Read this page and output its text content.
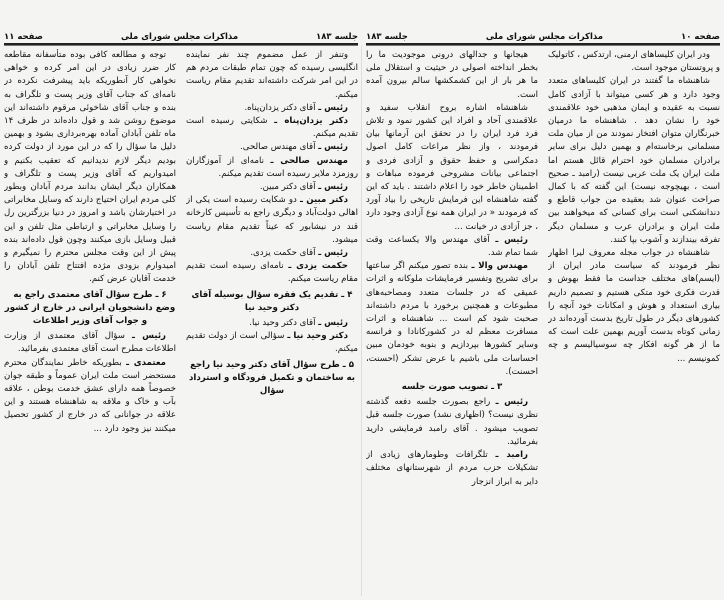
صفحه ۱۱	مذاکرات مجلس شورای ملی	جلسه ۱۸۳

وتنفر از عمل مضموم چند نفر نماینده انگلیسی رسیده که چون تمام طبقات مردم هم در این امر شرکت داشته‌اند تقدیم مقام ریاست میکنم.

رئیس ـ آقای دکتر یزدان‌پناه.

دکتر یزدان‌پناه ـ شکایتی رسیده است تقدیم میکنم.

رئیس ـ آقای مهندس صالحی.

مهندس صالحی ـ نامه‌ای از آموزگاران روزمزد ملایر رسیده است تقدیم میکنم.

رئیس ـ آقای دکتر مبین.

دکتر مبین ـ دو شکایت رسیده است یکی از اهالی دولت‌آباد و دیگری راجع به تأسیس کارخانه قند در نیشابور که عیناً تقدیم مقام ریاست میشود.

رئیس ـ آقای حکمت یزدی.

حکمت یزدی ـ نامه‌ای رسیده است تقدیم مقام ریاست میکنم.

۴ ـ تقدیم یک فقره سؤال بوسیله آقای دکتر وحید نیا

رئیس ـ آقای دکتر وحید نیا.

دکتر وحید نیا ـ سؤالی است از دولت تقدیم میکنم.

۵ ـ طرح سؤال آقای دکتر وحید نیا راجع به ساختمان و تکمیل فرودگاه و استرداد سؤال

توجه و مطالعه کافی بوده متأسفانه مقاطعه کار ضرر زیادی در این امر کرده و خواهی نخواهی کار آنطوریکه باید پیشرفت نکرده در نامه‌ای که جناب آقای وزیر پست و تلگراف به بنده و جناب آقای شاخوئی مرقوم داشته‌اند این موضوع روشن شد و قول داده‌اند در ظرف ۱۴ ماه تلفن آبادان آماده بهره‌برداری بشود و بهمین دلیل ما سؤال را که در این مورد از دولت کرده بودیم دیگر لازم ندیدانیم که تعقیب بکنیم و امیدواریم که آقای وزیر پست و تلگراف و همکاران دیگر ایشان بدانند مردم آبادان وبطور کلی مردم ایران احتیاج دارند که وسایل مخابراتی در اختیارشان باشد و امروز در دنیا بزرگترین رل را وسایل مخابراتی و ارتباطی مثل تلفن و این قبیل وسایل بازی میکنند وچون قول داده‌اند بنده پیش از این وقت مجلس محترم را نمیگیرم و امیدوارم بزودی مژده افتتاح تلفن آبادان را خدمت آقایان عرض کنم.

۶ ـ طرح سؤال آقای معتمدی راجع به وضع دانشجویان ایرانی در خارج از کشور و جواب آقای وزیر اطلاعات

رئیس ـ سؤال آقای معتمدی از وزارت اطلاعات مطرح است آقای معتمدی بفرمائید.

معتمدی ـ بطوریکه خاطر نمایندگان محترم مستحضر است ملت ایران عموماً و طبقه جوان خصوصاً همه دارای عشق خدمت بوطن ، علاقه بآب و خاک و ملاقه به شاهنشاه هستند و این علاقه در جوانانی که در خارج از کشور تحصیل میکنند نیز وجود دارد ...

جلسه ۱۸۳	مذاکرات مجلس شورای ملی	صفحه ۱۰

ودر ایران کلیساهای ارمنی، ارتدکس ، کاتولیک و پروتستان موجود است.

شاهنشاه ما گفتند در ایران کلیساهای متعدد وجود دارد و هر کسی میتواند با آزادی کامل نسبت به عقیده و ایمان مذهبی خود علاقمندی خود را نشان دهد . شاهنشاه ما درمیان خبرنگاران متوان افتخار نمودند من از میان ملت مسلمانی برخاسته‌ام و بهمین دلیل برای سایر برادران مسلمان خود احترام قائل هستم اما ملت ایران یک ملت عربی نیست (رامبد ـ صحیح است ، بهیچوجه نیست) این گفته که با کمال صراحت عنوان شد بعقیده من جواب قاطع و دندانشکنی است برای کسانی که میخواهند بین ملت ایران و برادران عرب و مسلمان دیگر تفرقه بیندازند و آشوب بپا کنند.

شاهنشاه در جواب مجله معروف لیرا اظهار نظر فرمودند که سیاست مادر ایران از (ایسم)های مختلف جداست ما فقط بهوش و قدرت فکری خود متکی هستیم و تصمیم داریم بیاری استعداد و هوش و امکانات خود آنچه را کشورهای دیگر در طول تاریخ بدست آورده‌اند در زمانی کوتاه بدست آوریم بهمین علت است که ما از هر گونه افکار چه سوسیالیسم و چه کمونیسم ...

هیجانها و جدالهای درونی موجودیت ما را بخطر انداخته اصولی در حیثیت و استقلال ملی ما هر بار از این کشمکشها سالم بیرون آمده است.

شاهنشاه اشاره بروح انقلاب سفید و علاقمندی آحاد و افراد این کشور نمود و تلاش فرد فرد ایران را در تحقق این آرمانها بیان فرمودند ، واز نظر مراعات کامل اصول دمکراسی و حفظ حقوق و آزادی فردی و اجتماعی بیانات مشروحی فرموده مباهات و اطمینان خاطر خود را اعلام داشتند . باید که این گفته شاهنشاه این فرمایش تاریخی را بیاد آورد که فرمودند « در ایران همه نوع آزادی وجود دارد ، جز آزادی در خیانت ...

رئیس ـ آقای مهندس والا یکساعت وقت شما تمام شد.

مهندس والا ـ بنده تصور میکنم اگر ساعتها برای تشریح وتفسیر فرمایشات ملوکانه و اثرات عمیقی که در جلسات متعدد ومصاحبه‌های مطبوعات و همچنین برخورد با مردم داشته‌اند صحبت شود کم است ... شاهنشاه و اثرات مسافرت معظم له در کشورکانادا و فرانسه وسایر کشورها بپردازیم و بنوبه خودمان مبین احساسات ملی باشیم با عرض تشکر (احسنت، احسنت).

۳ ـ تصویب صورت جلسه

رئیس ـ راجع بصورت جلسه دفعه گذشته نظری نیست؟ (اظهاری نشد) صورت جلسه قبل تصویب میشود . آقای رامبد فرمایشی دارید بفرمائید.

رامبد ـ تلگرافات وطومارهای زیادی از تشکیلات حزب مردم از شهرستانهای مختلف دایر به ابراز انزجار
